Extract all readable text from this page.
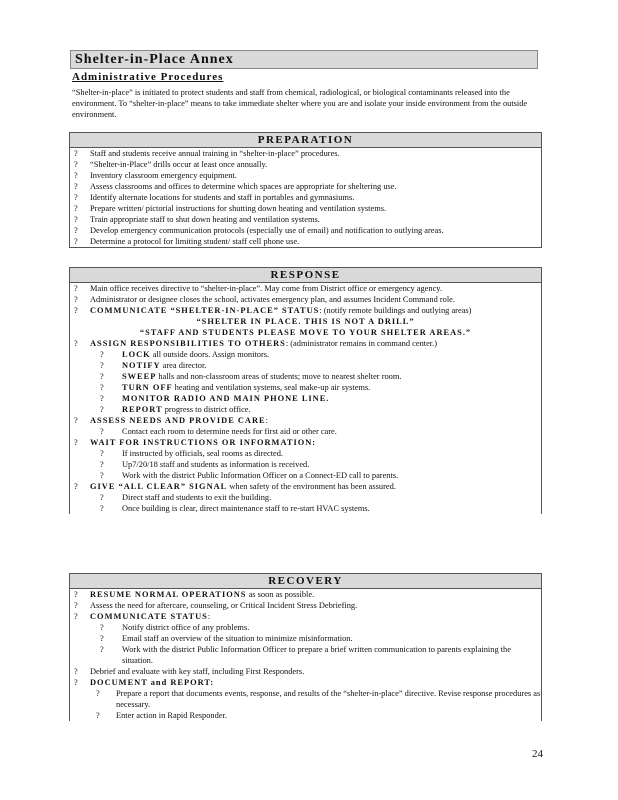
Shelter-in-Place Annex
Administrative Procedures
“Shelter-in-place” is initiated to protect students and staff from chemical, radiological, or biological contaminants released into the environment. To “shelter-in-place” means to take immediate shelter where you are and isolate your inside environment from the outside environment.
PREPARATION
? Staff and students receive annual training in “shelter-in-place” procedures.
? “Shelter-in-Place” drills occur at least once annually.
? Inventory classroom emergency equipment.
? Assess classrooms and offices to determine which spaces are appropriate for sheltering use.
? Identify alternate locations for students and staff in portables and gymnasiums.
? Prepare written/ pictorial instructions for shutting down heating and ventilation systems.
? Train appropriate staff to shut down heating and ventilation systems.
? Develop emergency communication protocols (especially use of email) and notification to outlying areas.
? Determine a protocol for limiting student/ staff cell phone use.
RESPONSE
? Main office receives directive to “shelter-in-place”. May come from District office or emergency agency.
? Administrator or designee closes the school, activates emergency plan, and assumes Incident Command role.
? COMMUNICATE “SHELTER-IN-PLACE” STATUS: (notify remote buildings and outlying areas)
“SHELTER IN PLACE. THIS IS NOT A DRILL”
“STAFF AND STUDENTS PLEASE MOVE TO YOUR SHELTER AREAS.”
? ASSIGN RESPONSIBILITIES TO OTHERS: (administrator remains in command center.)
? LOCK all outside doors. Assign monitors.
? NOTIFY area director.
? SWEEP halls and non-classroom areas of students; move to nearest shelter room.
? TURN OFF heating and ventilation systems, seal make-up air systems.
? MONITOR RADIO AND MAIN PHONE LINE.
? REPORT progress to district office.
? ASSESS NEEDS AND PROVIDE CARE:
? Contact each room to determine needs for first aid or other care.
? WAIT FOR INSTRUCTIONS OR INFORMATION:
? If instructed by officials, seal rooms as directed.
? Up7/20/18 staff and students as information is received.
? Work with the district Public Information Officer on a Connect-ED call to parents.
? GIVE “ALL CLEAR” SIGNAL when safety of the environment has been assured.
? Direct staff and students to exit the building.
? Once building is clear, direct maintenance staff to re-start HVAC systems.
RECOVERY
? RESUME NORMAL OPERATIONS as soon as possible.
? Assess the need for aftercare, counseling, or Critical Incident Stress Debriefing.
? COMMUNICATE STATUS:
? Notify district office of any problems.
? Email staff an overview of the situation to minimize misinformation.
? Work with the district Public Information Officer to prepare a brief written communication to parents explaining the situation.
? Debrief and evaluate with key staff, including First Responders.
? DOCUMENT and REPORT:
? Prepare a report that documents events, response, and results of the “shelter-in-place” directive. Revise response procedures as necessary.
? Enter action in Rapid Responder.
24
